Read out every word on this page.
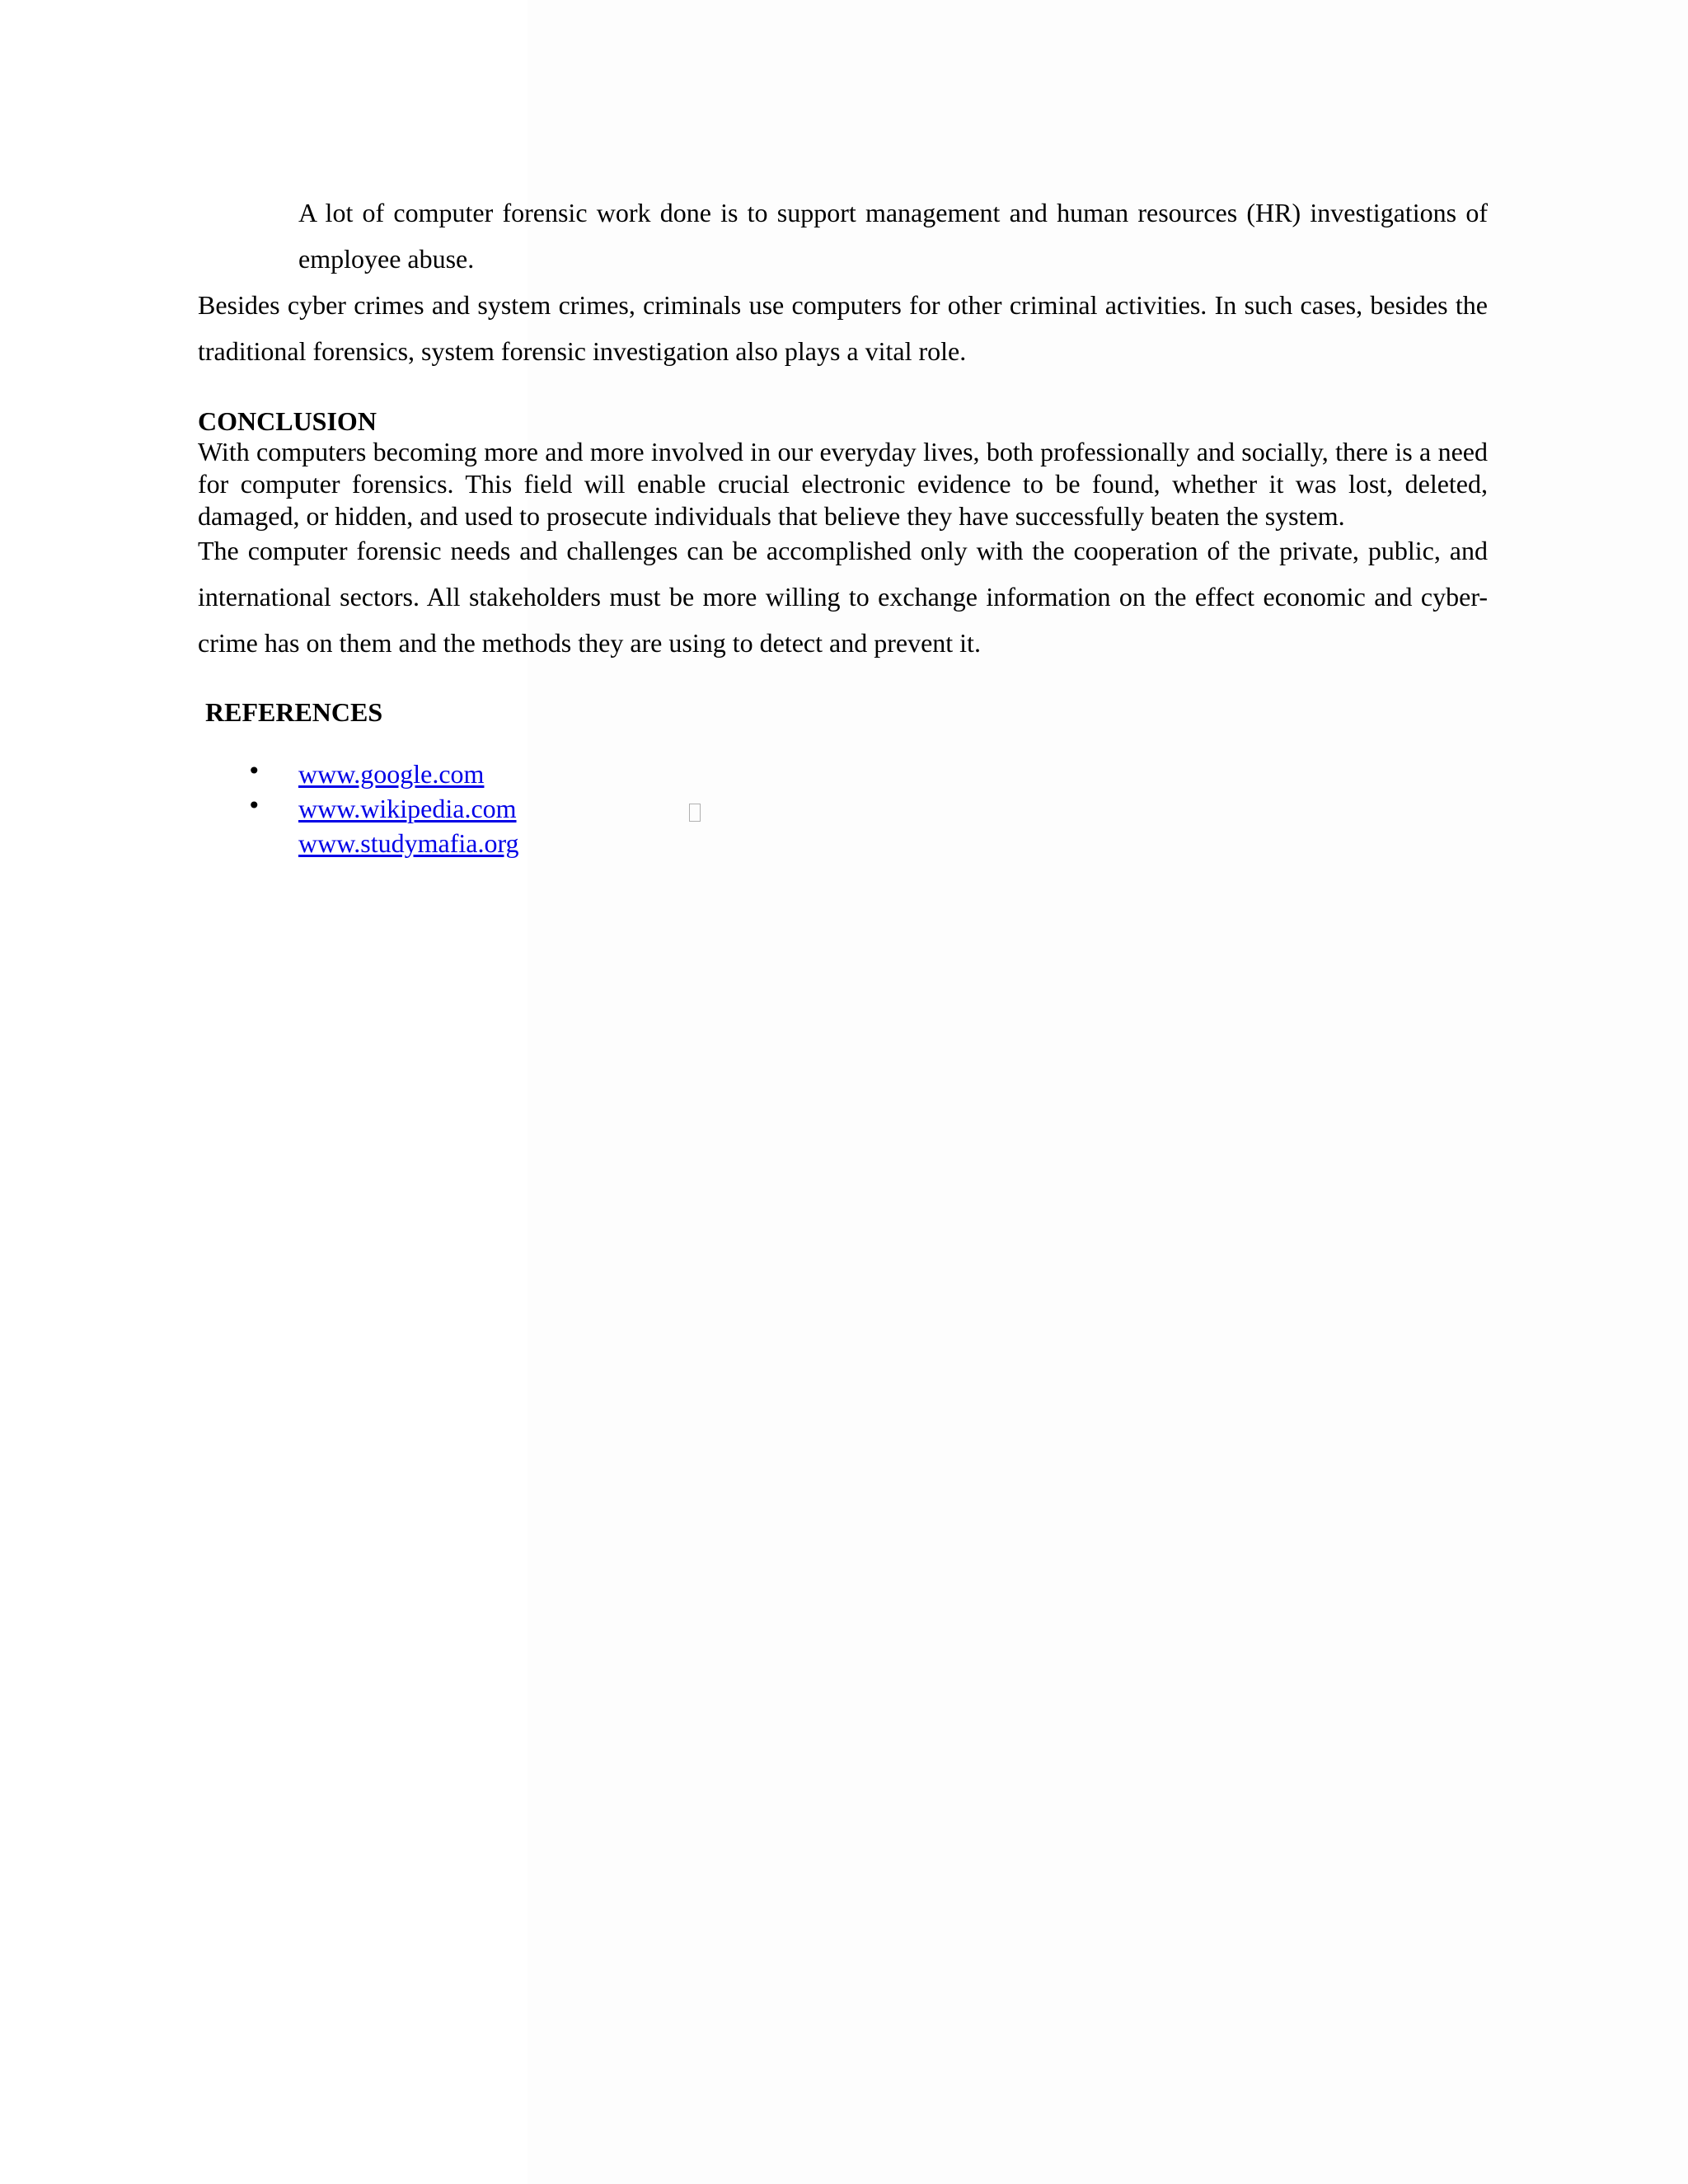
A lot of computer forensic work done is to support management and human resources (HR) investigations of employee abuse.

Besides cyber crimes and system crimes, criminals use computers for other criminal activities. In such cases, besides the traditional forensics, system forensic investigation also plays a vital role.

CONCLUSION

With computers becoming more and more involved in our everyday lives, both professionally and socially, there is a need for computer forensics. This field will enable crucial electronic evidence to be found, whether it was lost, deleted, damaged, or hidden, and used to prosecute individuals that believe they have successfully beaten the system.

The computer forensic needs and challenges can be accomplished only with the cooperation of the private, public, and international sectors. All stakeholders must be more willing to exchange information on the effect economic and cyber-crime has on them and the methods they are using to detect and prevent it.

REFERENCES
• www.google.com
• www.wikipedia.com
www.studymafia.org
